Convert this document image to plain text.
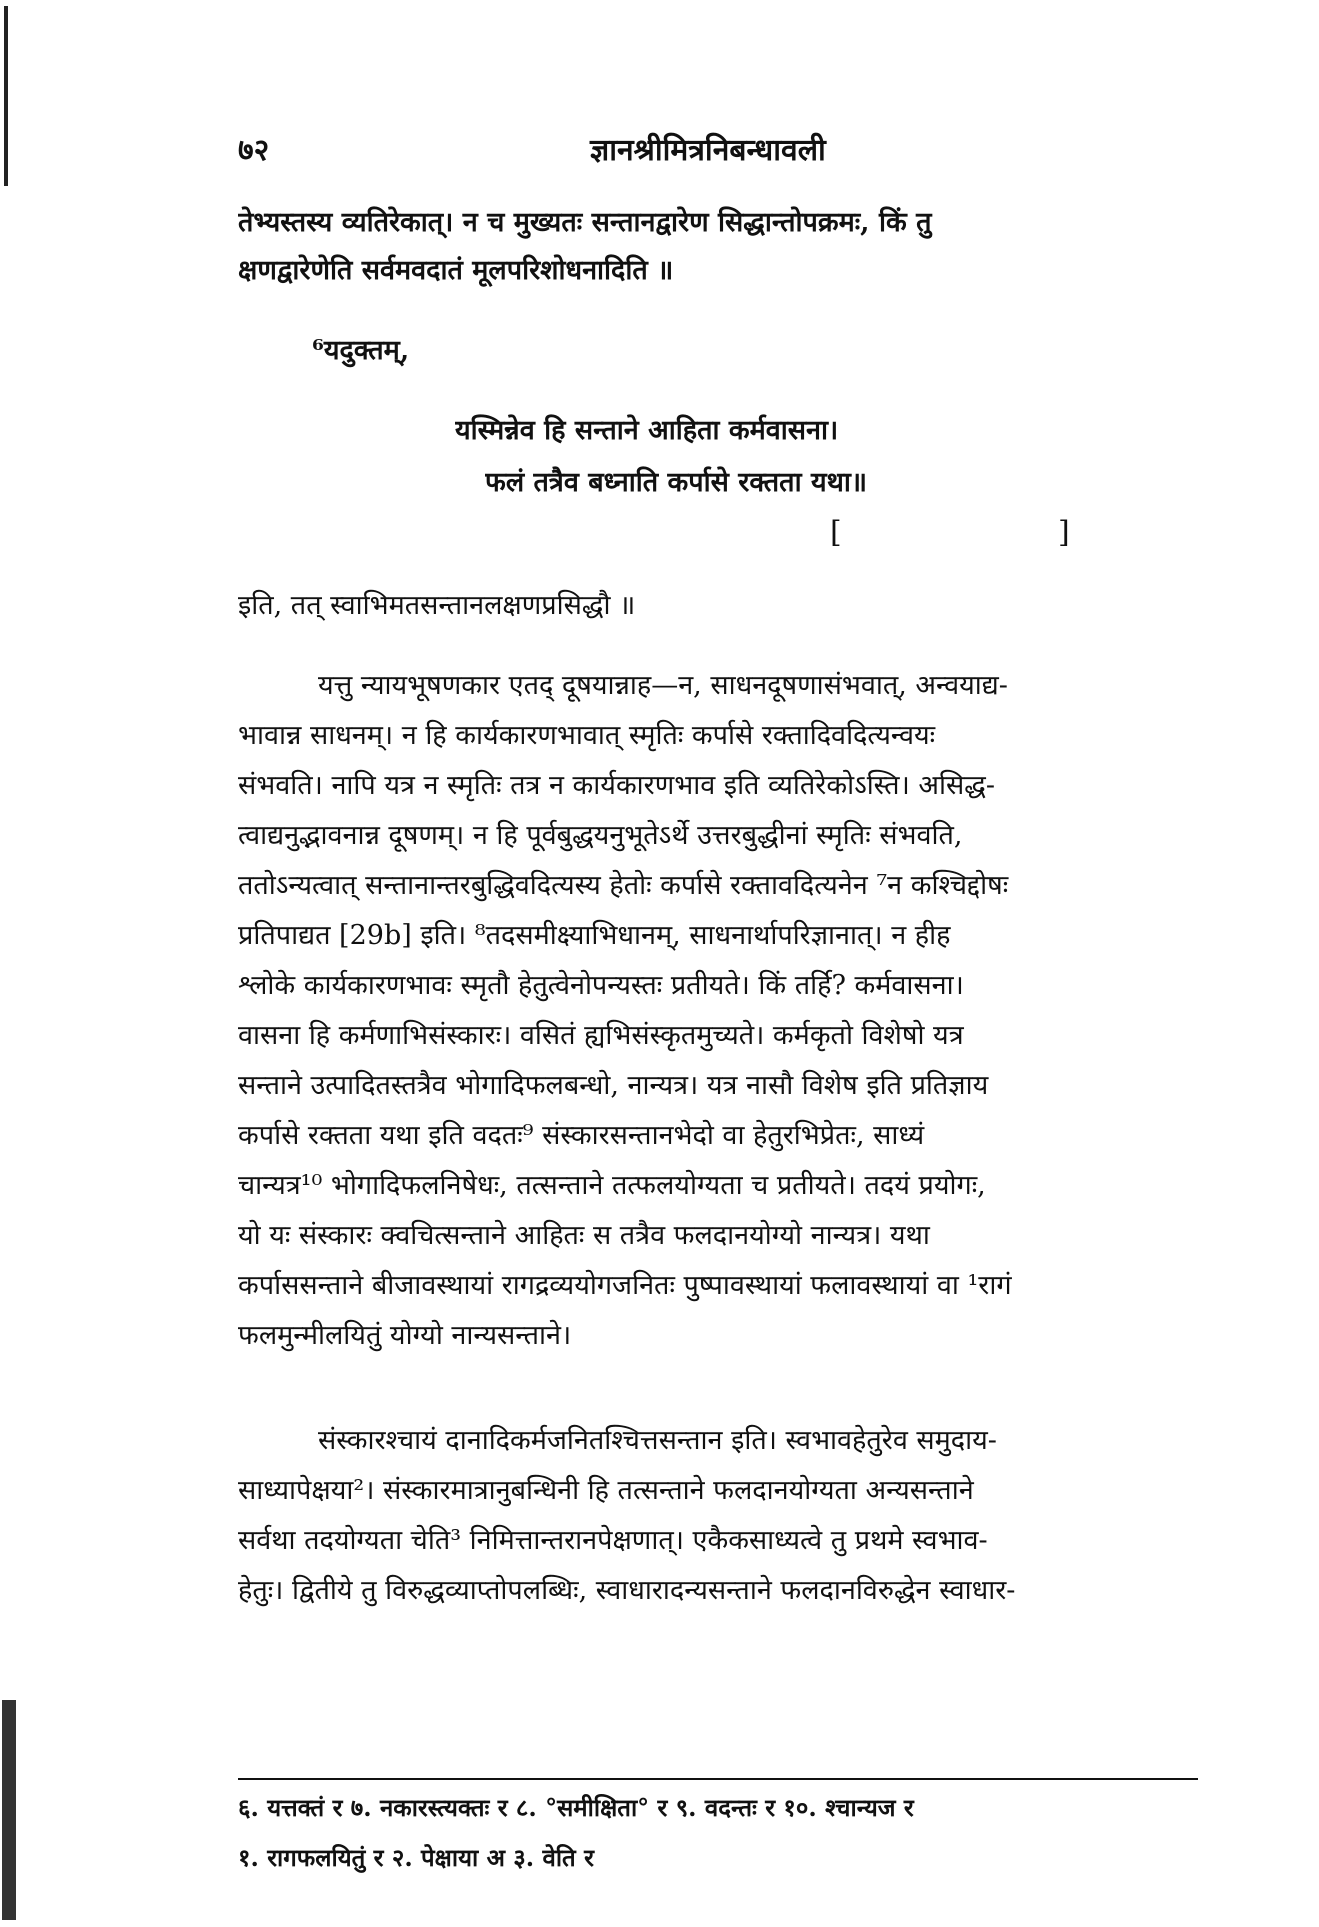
७२	ज्ञानश्रीमित्रनिबन्धावली
तेभ्यस्तस्य व्यतिरेकात्। न च मुख्यतः सन्तानद्वारेण सिद्धान्तोपक्रमः, किं तु
क्षणद्वारेणेति सर्वमवदातं मूलपरिशोधनादिति ॥
⁶यदुक्तम्,
यस्मिन्नेव हि सन्ताने आहिता कर्मवासना।
फलं तत्रैव बध्नाति कर्पासे रक्तता यथा॥
[	]
इति, तत् स्वाभिमतसन्तानलक्षणप्रसिद्धौ ॥
यत्तु न्यायभूषणकार एतद् दूषयान्नाह—न, साधनदूषणासंभवात्, अन्वयाद्य-
भावान्न साधनम्। न हि कार्यकारणभावात् स्मृतिः कर्पासे रक्तादिवदित्यन्वयः
संभवति। नापि यत्र न स्मृतिः तत्र न कार्यकारणभाव इति व्यतिरेकोऽस्ति। असिद्ध-
त्वाद्यनुद्भावनान्न दूषणम्। न हि पूर्वबुद्धयनुभूतेऽर्थे उत्तरबुद्धीनां स्मृतिः संभवति,
ततोऽन्यत्वात् सन्तानान्तरबुद्धिवदित्यस्य हेतोः कर्पासे रक्तावदित्यनेन ⁷न कश्चिद्दोषः
प्रतिपाद्यत [29b] इति। ⁸तदसमीक्ष्याभिधानम्, साधनार्थापरिज्ञानात्। न हीह
श्लोके कार्यकारणभावः स्मृतौ हेतुत्वेनोपन्यस्तः प्रतीयते। किं तर्हि? कर्मवासना।
वासना हि कर्मणाभिसंस्कारः। वसितं ह्यभिसंस्कृतमुच्यते। कर्मकृतो विशेषो यत्र
सन्ताने उत्पादितस्तत्रैव भोगादिफलबन्धो, नान्यत्र। यत्र नासौ विशेष इति प्रतिज्ञाय
कर्पासे रक्तता यथा इति वदतः⁹ संस्कारसन्तानभेदो वा हेतुरभिप्रेतः, साध्यं
चान्यत्र¹⁰ भोगादिफलनिषेधः, तत्सन्ताने तत्फलयोग्यता च प्रतीयते। तदयं प्रयोगः,
यो यः संस्कारः क्वचित्सन्ताने आहितः स तत्रैव फलदानयोग्यो नान्यत्र। यथा
कर्पाससन्ताने बीजावस्थायां रागद्रव्ययोगजनितः पुष्पावस्थायां फलावस्थायां वा ¹रागं
फलमुन्मीलयितुं योग्यो नान्यसन्ताने।
संस्कारश्चायं दानादिकर्मजनितश्चित्तसन्तान इति। स्वभावहेतुरेव समुदाय-
साध्यापेक्षया²। संस्कारमात्रानुबन्धिनी हि तत्सन्ताने फलदानयोग्यता अन्यसन्ताने
सर्वथा तदयोग्यता चेति³ निमित्तान्तरानपेक्षणात्। एकैकसाध्यत्वे तु प्रथमे स्वभाव-
हेतुः। द्वितीये तु विरुद्धव्याप्तोपलब्धिः, स्वाधारादन्यसन्ताने फलदानविरुद्धेन स्वाधार-
६. यत्तक्तं र ७. नकारस्त्यक्तः र ८. °समीक्षिता° र ९. वदन्तः र १०. श्चान्यज र
१. रागफलयितुं र २. पेक्षाया अ ३. वेति र
